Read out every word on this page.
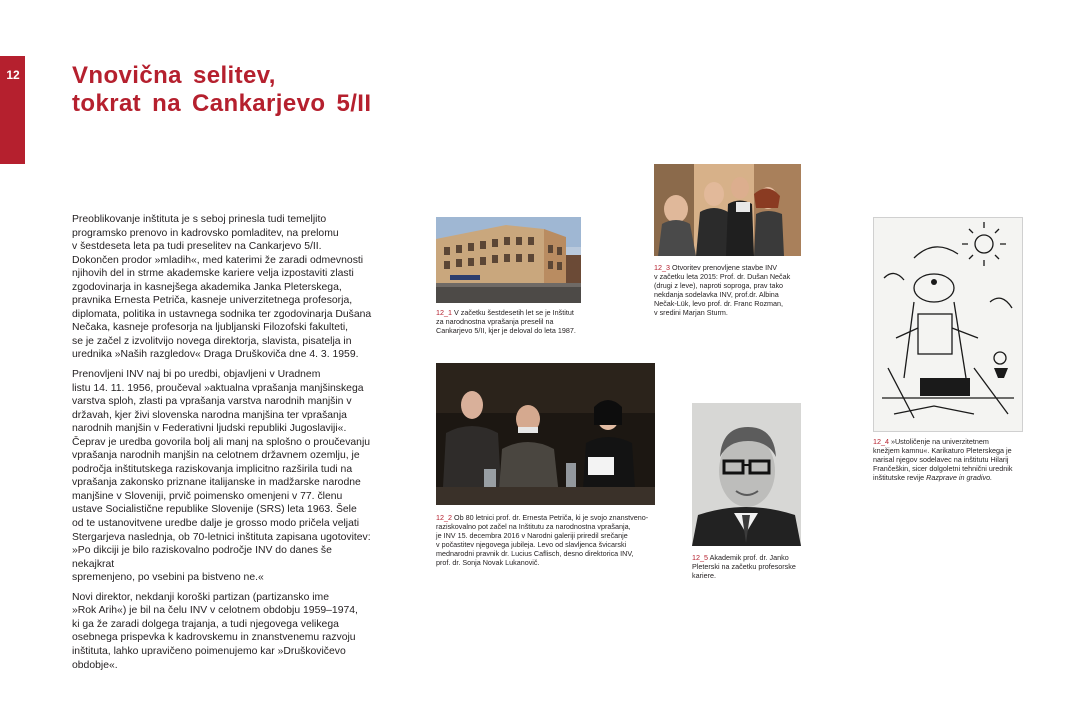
12 Vnovična selitev,
tokrat na Cankarjevo 5/II

Preoblikovanje inštituta je s seboj prinesla tudi temeljito
programsko prenovo in kadrovsko pomladitev, na prelomu
v šestdeseta leta pa tudi preselitev na Cankarjevo 5/II.
Dokončen prodor »mladih«, med katerimi že zaradi odmevnosti
njihovih del in strme akademske kariere velja izpostaviti zlasti
zgodovinarja in kasnejšega akademika Janka Pleterskega,
pravnika Ernesta Petriča, kasneje univerzitetnega profesorja,
diplomata, politika in ustavnega sodnika ter zgodovinarja Dušana
Nečaka, kasneje profesorja na ljubljanski Filozofski fakulteti,
se je začel z izvolitvijo novega direktorja, slavista, pisatelja in
urednika »Naših razgledov« Draga Druškoviča dne 4. 3. 1959.

Prenovljeni INV naj bi po uredbi, objavljeni v Uradnem
listu 14. 11. 1956, proučeval »aktualna vprašanja manjšinskega
varstva sploh, zlasti pa vprašanja varstva narodnih manjšin v
državah, kjer živi slovenska narodna manjšina ter vprašanja
narodnih manjšin v Federativni ljudski republiki Jugoslaviji«.
Čeprav je uredba govorila bolj ali manj na splošno o proučevanju
vprašanja narodnih manjšin na celotnem državnem ozemlju, je
področja inštitutskega raziskovanja implicitno razširila tudi na
vprašanja zakonsko priznane italijanske in madžarske narodne
manjšine v Sloveniji, prvič poimensko omenjeni v 77. členu
ustave Socialistične republike Slovenije (SRS) leta 1963. Šele
od te ustanovitvene uredbe dalje je grosso modo pričela veljati
Stergarjeva naslednja, ob 70-letnici inštituta zapisana ugotovitev:
»Po dikciji je bilo raziskovalno področje INV do danes še nekajkrat
spremenjeno, po vsebini pa bistveno ne.«

Novi direktor, nekdanji koroški partizan (partizansko ime
»Rok Arih«) je bil na čelu INV v celotnem obdobju 1959–1974,
ki ga že zaradi dolgega trajanja, a tudi njegovega velikega
osebnega prispevka k kadrovskemu in znanstvenemu razvoju
inštituta, lahko upravičeno poimenujemo kar »Druškovičevo
obdobje«.

12_1 V začetku šestdesetih let se je Inštitut
za narodnostna vprašanja preselil na
Cankarjevo 5/II, kjer je deloval do leta 1987.
12_3 Otvoritev prenovljene stavbe INV
v začetku leta 2015: Prof. dr. Dušan Nečak
(drugi z leve), naproti soproga, prav tako
nekdanja sodelavka INV, prof.dr. Albina
Nečak-Lük, levo prof. dr. Franc Rozman,
v sredini Marjan Sturm.
12_4 »Ustoličenje na univerzitetnem
knežjem kamnu«. Karikaturo Pleterskega je
narisal njegov sodelavec na inštitutu Hilarij
Frančeškin, sicer dolgoletni tehnični urednik
inštitutske revije Razprave in gradivo.
12_2 Ob 80 letnici prof. dr. Ernesta Petriča, ki je svojo znanstveno-
raziskovalno pot začel na Inštitutu za narodnostna vprašanja,
je INV 15. decembra 2016 v Narodni galeriji priredil srečanje
v počastitev njegovega jubileja. Levo od slavljenca švicarski
mednarodni pravnik dr. Lucius Caflisch, desno direktorica INV,
prof. dr. Sonja Novak Lukanovič.
12_5 Akademik prof. dr. Janko
Pleterski na začetku profesorske
kariere.
